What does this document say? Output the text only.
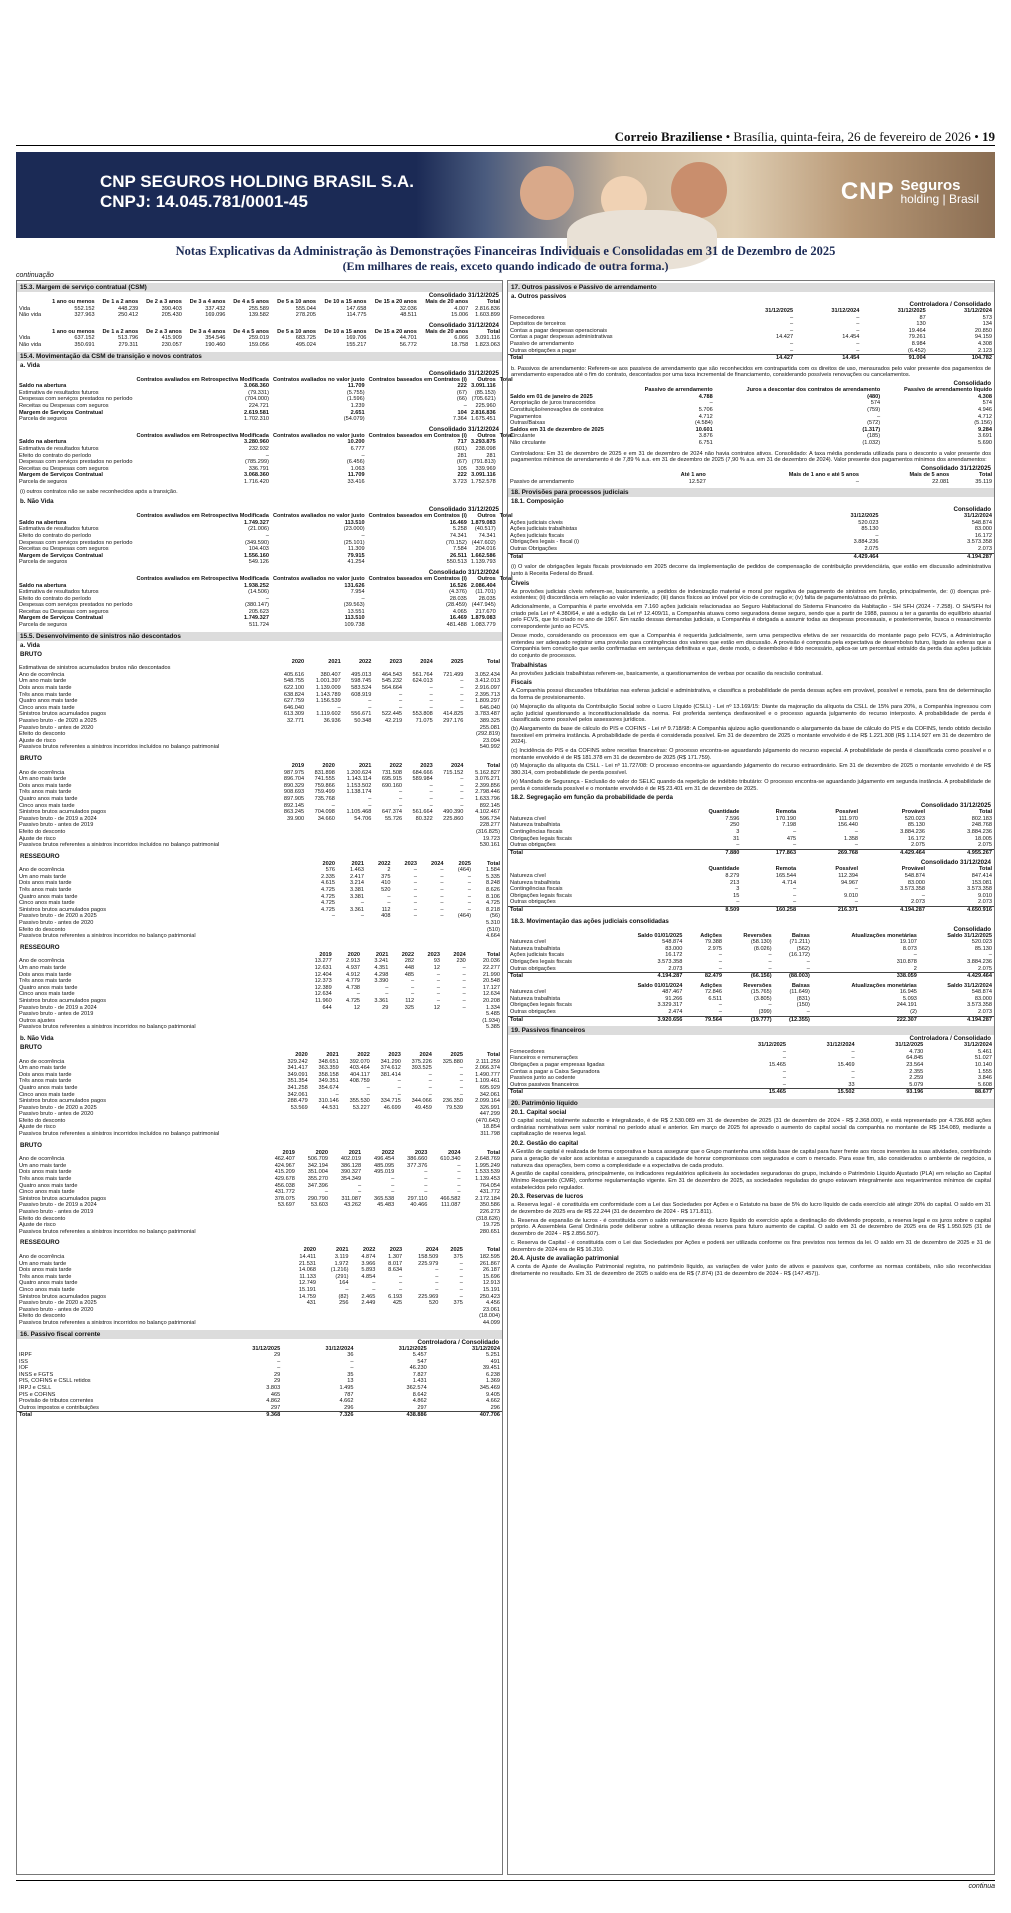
Correio Braziliense • Brasília, quinta-feira, 26 de fevereiro de 2026 • 19
CNP SEGUROS HOLDING BRASIL S.A.
CNPJ: 14.045.781/0001-45	CNP Seguros
holding | Brasil
Notas Explicativas da Administração às Demonstrações Financeiras Individuais e Consolidadas em 31 de Dezembro de 2025
(Em milhares de reais, exceto quando indicado de outra forma.)
continuação
15.3. Margem de serviço contratual (CSM)
Consolidado 31/12/2025
	1 ano ou menos	De 1 a 2 anos	De 2 a 3 anos	De 3 a 4 anos	De 4 a 5 anos	De 5 a 10 anos	De 10 a 15 anos	De 15 a 20 anos	Mais de 20 anos	Total
Vida	552.152	448.239	390.403	337.432	255.589	555.044	147.658	32.036	4.007	2.816.836
Não vida	327.963	250.412	205.430	169.096	139.582	278.205	114.775	48.511	15.006	1.603.899
Consolidado 31/12/2024
	1 ano ou menos	De 1 a 2 anos	De 2 a 3 anos	De 3 a 4 anos	De 4 a 5 anos	De 5 a 10 anos	De 10 a 15 anos	De 15 a 20 anos	Mais de 20 anos	Total
Vida	637.152	513.796	415.909	354.546	259.019	683.725	169.706	44.701	6.066	3.091.116
Não vida	350.691	279.311	230.057	190.460	159.056	495.024	155.217	56.772	18.758	1.823.063
15.4. Movimentação da CSM de transição e novos contratos
a. Vida
Consolidado 31/12/2025
	Contratos avaliados em Retrospectiva Modificada	Contratos avaliados no valor justo	Contratos baseados em Contratos (i)	Outros	Total
Saldo na abertura	3.068.360	11.709	222	3.091.116	
Estimativa de resultados futuros	(79.331)	(5.755)	(67)	(85.153)	
Despesas com serviços prestados no período	(704.000)	(1.596)	(66)	(705.621)	
Receitas ou Despesas com seguros	224.721	1.239	–	225.960	
Margem de Serviços Contratual	2.619.581	2.651	104	2.816.836	
Parcela de seguros	1.702.310	(54.079)	7.364	1.675.451	
Consolidado 31/12/2024
	Contratos avaliados em Retrospectiva Modificada	Contratos avaliados no valor justo	Contratos baseados em Contratos (i)	Outros	Total
Saldo na abertura	3.280.960	10.200	717	3.293.875	
Estimativa de resultados futuros	232.932	6.777	(601)	238.098	
Efeito do contrato do período	–	–	281	281	
Despesas com serviços prestados no período	(785.299)	(6.456)	(67)	(791.813)	
Receitas ou Despesas com seguros	336.791	1.063	105	339.969	
Margem de Serviços Contratual	3.068.360	11.709	222	3.091.116	
Parcela de seguros	1.716.420	33.416	3.723	1.752.578	
(i) outros contratos não se sabe reconhecidos após a transição.
b. Não Vida
Consolidado 31/12/2025
	Contratos avaliados em Retrospectiva Modificada	Contratos avaliados no valor justo	Contratos baseados em Contratos (i)	Outros	Total
Saldo na abertura	1.749.327	113.510	16.469	1.879.083	
Estimativa de resultados futuros	(21.006)	(23.000)	5.258	(40.517)	
Efeito do contrato do período	–	–	74.341	74.341	
Despesas com serviços prestados no período	(349.590)	(25.101)	(70.152)	(447.602)	
Receitas ou Despesas com seguros	104.403	11.309	7.584	204.016	
Margem de Serviços Contratual	1.556.160	79.915	26.511	1.662.586	
Parcela de seguros	549.126	41.254	550.513	1.139.793	
Consolidado 31/12/2024
	Contratos avaliados em Retrospectiva Modificada	Contratos avaliados no valor justo	Contratos baseados em Contratos (i)	Outros	Total
Saldo na abertura	1.938.252	131.626	16.526	2.086.404	
Estimativa de resultados futuros	(14.506)	7.954	(4.376)	(11.701)	
Efeito do contrato do período	–	–	28.035	28.035	
Despesas com serviços prestados no período	(380.147)	(39.563)	(28.459)	(447.945)	
Receitas ou Despesas com seguros	205.623	13.551	4.065	217.670	
Margem de Serviços Contratual	1.749.327	113.510	16.469	1.879.083	
Parcela de seguros	511.724	109.738	481.488	1.083.779	
15.5. Desenvolvimento de sinistros não descontados
a. Vida
BRUTO
	2020	2021	2022	2023	2024	2025	Total
Estimativas de sinistros acumulados brutos não descontados							
Ano de ocorrência	405.616	380.407	495.013	464.543	561.764	721.499	3.052.434
Um ano mais tarde	548.755	1.001.397	598.745	545.232	624.013	–	3.412.013
Dois anos mais tarde	622.100	1.139.009	583.524	564.664	–	–	2.916.097
Três anos mais tarde	638.824	1.143.789	608.919	–	–	–	2.395.713
Quatro anos mais tarde	627.759	1.156.539	–	–	–	–	1.809.297
Cinco anos mais tarde	646.040	–	–	–	–	–	646.040
Sinistros brutos acumulados pagos	613.309	1.119.602	556.671	522.445	553.808	414.825	3.783.487
Passivo bruto - de 2020 a 2025	32.771	36.936	50.348	42.219	71.075	297.176	389.325
Passivo bruto - antes de 2020							255.081
Efeito do desconto							(292.819)
Ajuste de risco							23.094
Passivos brutos referentes a sinistros incorridos incluídos no balanço patrimonial							540.992
BRUTO
	2019	2020	2021	2022	2023	2024	Total
Ano de ocorrência	987.975	831.898	1.200.624	731.508	684.666	715.152	5.162.827
Um ano mais tarde	896.704	741.555	1.143.114	695.915	589.984	–	3.076.271
Dois anos mais tarde	890.329	759.866	1.153.502	690.160	–	–	2.399.856
Três anos mais tarde	908.693	759.499	1.138.174	–	–	–	2.798.446
Quatro anos mais tarde	897.905	735.768	–	–	–	–	1.633.796
Cinco anos mais tarde	892.145	–	–	–	–	–	892.145
Sinistros brutos acumulados pagos	863.245	704.098	1.105.468	647.374	561.664	490.390	4.102.467
Passivo bruto - de 2019 a 2024	39.900	34.660	54.706	55.726	80.322	225.860	596.734
Passivo bruto - antes de 2019							228.277
Efeito do desconto							(316.825)
Ajuste de risco							19.723
Passivos brutos referentes a sinistros incorridos incluídos no balanço patrimonial							530.161
RESSEGURO
	2020	2021	2022	2023	2024	2025	Total
Ano de ocorrência	576	1.463	2	–	–	(464)	1.584
Um ano mais tarde	2.335	2.417	375	–	–	–	5.335
Dois anos mais tarde	4.615	3.214	410	–	–	–	8.248
Três anos mais tarde	4.725	3.381	520	–	–	–	8.626
Quatro anos mais tarde	4.725	3.381	–	–	–	–	8.106
Cinco anos mais tarde	4.725	–	–	–	–	–	4.725
Sinistros brutos acumulados pagos	4.725	3.361	112	–	–	–	8.218
Passivo bruto - de 2020 a 2025	–	–	408	–	–	(464)	(56)
Passivo bruto - antes de 2020							5.310
Efeito do desconto							(510)
Passivos brutos referentes a sinistros incorridos no balanço patrimonial							4.664
RESSEGURO
	2019	2020	2021	2022	2023	2024	Total
Ano de ocorrência	13.277	2.913	3.241	282	93	230	20.036
Um ano mais tarde	12.631	4.937	4.351	448	12	–	22.277
Dois anos mais tarde	12.404	4.912	4.298	485	–	–	21.990
Três anos mais tarde	12.373	4.779	3.390	–	–	–	20.548
Quatro anos mais tarde	12.389	4.738	–	–	–	–	17.127
Cinco anos mais tarde	12.634	–	–	–	–	–	12.634
Sinistros brutos acumulados pagos	11.960	4.725	3.361	112	–	–	20.208
Passivo bruto - de 2019 a 2024	644	12	29	325	12	–	1.334
Passivo bruto - antes de 2019							5.485
Outros ajustes							(1.934)
Passivos brutos referentes a sinistros incorridos no balanço patrimonial							5.385
b. Não Vida
BRUTO
	2020	2021	2022	2023	2024	2025	Total
Ano de ocorrência	329.242	348.651	392.070	341.290	375.226	325.880	2.111.259
Um ano mais tarde	341.417	363.359	403.464	374.612	393.525	–	2.066.374
Dois anos mais tarde	349.091	358.158	404.117	381.414	–	–	1.490.777
Três anos mais tarde	351.354	349.351	408.759	–	–	–	1.109.461
Quatro anos mais tarde	341.258	354.674	–	–	–	–	695.929
Cinco anos mais tarde	342.061	–	–	–	–	–	342.061
Sinistros brutos acumulados pagos	288.479	310.146	355.530	334.715	344.066	236.350	2.099.164
Passivo bruto - de 2020 a 2025	53.569	44.531	53.227	46.699	49.459	79.539	326.991
Passivo bruto - antes de 2020							447.299
Efeito do desconto							(470.643)
Ajuste de risco							18.854
Passivos brutos referentes a sinistros incorridos incluídos no balanço patrimonial							311.798
BRUTO
	2019	2020	2021	2022	2023	2024	Total
Ano de ocorrência	462.407	506.709	402.019	496.454	386.660	610.340	2.648.769
Um ano mais tarde	424.967	342.194	386.128	485.095	377.376	–	1.995.249
Dois anos mais tarde	415.209	351.004	390.327	495.019	–	–	1.533.539
Três anos mais tarde	429.678	355.270	354.349	–	–	–	1.139.453
Quatro anos mais tarde	456.038	347.396	–	–	–	–	764.054
Cinco anos mais tarde	431.772	–	–	–	–	–	431.772
Sinistros brutos acumulados pagos	378.075	290.790	311.087	365.538	297.110	466.582	2.172.184
Passivo bruto - de 2019 a 2024	53.697	53.603	43.262	45.483	40.466	111.087	350.586
Passivo bruto - antes de 2019							226.273
Efeito do desconto							(318.626)
Ajuste de risco							19.725
Passivos brutos referentes a sinistros incorridos no balanço patrimonial							280.651
RESSEGURO
	2020	2021	2022	2023	2024	2025	Total
Ano de ocorrência	14.411	3.119	4.874	1.307	158.509	375	182.595
Um ano mais tarde	21.531	1.972	3.966	8.017	225.979	–	261.867
Dois anos mais tarde	14.068	(1.216)	5.893	8.634	–	–	26.187
Três anos mais tarde	11.133	(291)	4.854	–	–	–	15.696
Quatro anos mais tarde	12.749	164	–	–	–	–	12.913
Cinco anos mais tarde	15.191	–	–	–	–	–	15.191
Sinistros brutos acumulados pagos	14.759	(82)	2.465	6.193	225.969	–	250.423
Passivo bruto - de 2020 a 2025	431	256	2.449	425	520	375	4.456
Passivo bruto - antes de 2020							23.061
Efeito do desconto							(18.004)
Passivos brutos referentes a sinistros incorridos no balanço patrimonial							44.099
16. Passivo fiscal corrente
Controladora / Consolidado
	31/12/2025	31/12/2024	31/12/2025	31/12/2024
IRPF	29	36	5.457	5.251
ISS	–	–	547	491
IOF	–	–	46.230	39.451
INSS e FGTS	29	35	7.827	6.238
PIS, COFINS e CSLL retidos	29	13	1.431	1.369
IRPJ e CSLL	3.803	1.495	362.574	345.469
PIS e COFINS	465	787	8.642	9.405
Provisão de tributos correntes	4.862	4.662	4.862	4.662
Outros impostos e contribuições	297	296	297	296
Total	9.368	7.326	438.886	407.706
17. Outros passivos e Passivo de arrendamento
a. Outros passivos
Controladora / Consolidado
	31/12/2025	31/12/2024	31/12/2025	31/12/2024
Fornecedores	–	–	87	573
Depósitos de terceiros	–	–	130	134
Contas a pagar despesas operacionais	–	–	19.464	20.850
Contas a pagar despesas administrativas	14.427	14.454	79.261	94.159
Passivo de arrendamento	–	–	8.984	4.308
Outras obrigações a pagar	–	–	(6.452)	2.123
Total	14.427	14.454	91.004	104.782
b. Passivos de arrendamento: Referem-se aos passivos de arrendamento que são reconhecidos em contrapartida com os direitos de uso, mensurados pelo valor presente dos pagamentos de arrendamento esperados até o fim do contrato, descontados por uma taxa incremental de financiamento, considerando possíveis renovações ou cancelamentos.
Consolidado
	Passivo de arrendamento	Juros a descontar dos contratos de arrendamento	Passivo de arrendamento líquido
Saldo em 01 de janeiro de 2025	4.788	(480)	4.308
Apropriação de juros transcorridos	–	574	574
Constituição/renovações de contratos	5.706	(759)	4.946
Pagamentos	4.712	–	4.712
Outras/Baixas	(4.584)	(572)	(5.156)
Saldos em 31 de dezembro de 2025	10.601	(1.317)	9.284
Circulante	3.876	(185)	3.691
Não circulante	6.751	(1.032)	5.690
Controladora: Em 31 de dezembro de 2025 e em 31 de dezembro de 2024 não havia contratos ativos. Consolidado: A taxa média ponderada utilizada para o desconto a valor presente dos pagamentos mínimos de arrendamento é de 7,89 % a.a. em 31 de dezembro de 2025 (7,90 % a.a. em 31 de dezembro de 2024). Valor presente dos pagamentos mínimos dos arrendamentos:
Consolidado 31/12/2025
	Até 1 ano	Mais de 1 ano e até 5 anos	Mais de 5 anos	Total
Passivo de arrendamento	12.527	–	22.081	35.119
18. Provisões para processos judiciais
18.1. Composição
Consolidado
	31/12/2025	31/12/2024
Ações judiciais cíveis	520.023	548.874
Ações judiciais trabalhistas	85.130	83.000
Ações judiciais fiscais	–	16.172
Obrigações legais - fiscal (i)	3.884.236	3.573.358
Outras Obrigações	2.075	2.073
Total	4.429.464	4.194.287
(i) O valor de obrigações legais fiscais provisionado em 2025 decorre da implementação de pedidos de compensação de contribuição previdenciária, que estão em discussão administrativa junto à Receita Federal do Brasil.
Cíveis
As provisões judiciais cíveis referem-se, basicamente, a pedidos de indenização material e moral por negativa de pagamento de sinistros em função, principalmente, de: (i) doenças pré-existentes; (ii) discordância em relação ao valor indenizado; (iii) danos físicos ao imóvel por vício de construção e; (iv) falta de pagamento/atraso do prêmio.
Adicionalmente, a Companhia é parte envolvida em 7.160 ações judiciais relacionadas ao Seguro Habitacional do Sistema Financeiro da Habitação - SH SFH (2024 - 7.258). O SH/SFH foi criado pela Lei nº 4.380/64, e até a edição da Lei nº 12.409/11, a Companhia atuava como seguradora desse seguro, sendo que a partir de 1988, passou a ter a garantia do equilíbrio atuarial pelo FCVS, que foi criado no ano de 1967. Em razão dessas demandas judiciais, a Companhia é obrigada a assumir todas as despesas processuais, e posteriormente, busca o ressarcimento correspondente junto ao FCVS.
Desse modo, considerando os processos em que a Companhia é requerida judicialmente, sem uma perspectiva efetiva de ser ressarcida do montante pago pelo FCVS, a Administração entendeu ser adequado registrar uma provisão para contingências dos valores que estão em discussão. A provisão é composta pela expectativa de desembolso futuro, ligado às esferas que a Companhia tem convicção que serão confirmadas em sentenças definitivas e que, deste modo, o desembolso é tido necessário, aplica-se um percentual extraído da perda das ações judiciais do conjunto de processos.
Trabalhistas
As provisões judiciais trabalhistas referem-se, basicamente, a questionamentos de verbas por ocasião da rescisão contratual.
Fiscais
A Companhia possui discussões tributárias nas esferas judicial e administrativa, e classifica a probabilidade de perda dessas ações em provável, possível e remota, para fins de determinação da forma de provisionamento.
(a) Majoração da alíquota da Contribuição Social sobre o Lucro Líquido (CSLL) - Lei nº 13.169/15: Diante da majoração da alíquota da CSLL de 15% para 20%, a Companhia ingressou com ação judicial questionando a inconstitucionalidade da norma. Foi proferida sentença desfavorável e o processo aguarda julgamento do recurso interposto. A probabilidade de perda é classificada como possível pelos assessores jurídicos.
(b) Alargamento da base de cálculo do PIS e COFINS - Lei nº 9.718/98: A Companhia ajuizou ação questionando o alargamento da base de cálculo do PIS e da COFINS, tendo obtido decisão favorável em primeira instância. A probabilidade de perda é considerada possível. Em 31 de dezembro de 2025 o montante envolvido é de R$ 1.221.308 (R$ 1.114.927 em 31 de dezembro de 2024).
(c) Incidência do PIS e da COFINS sobre receitas financeiras: O processo encontra-se aguardando julgamento do recurso especial. A probabilidade de perda é classificada como possível e o montante envolvido é de R$ 181.378 em 31 de dezembro de 2025 (R$ 171.759).
(d) Majoração da alíquota da CSLL - Lei nº 11.727/08: O processo encontra-se aguardando julgamento do recurso extraordinário. Em 31 de dezembro de 2025 o montante envolvido é de R$ 380.314, com probabilidade de perda possível.
(e) Mandado de Segurança - Exclusão do valor do SELIC quando da repetição de indébito tributário: O processo encontra-se aguardando julgamento em segunda instância. A probabilidade de perda é considerada possível e o montante envolvido é de R$ 23.401 em 31 de dezembro de 2025.
18.2. Segregação em função da probabilidade de perda
Consolidado 31/12/2025
	Quantidade	Remota	Possível	Provável	Total
Natureza cível	7.596	170.190	111.970	520.023	802.183
Natureza trabalhista	250	7.198	156.440	85.130	248.768
Contingências fiscais	3	–	–	3.884.236	3.884.236
Obrigações legais fiscais	31	475	1.358	16.172	18.005
Outras obrigações	–	–	–	2.075	2.075
Total	7.880	177.863	269.768	4.429.464	4.955.267
Consolidado 31/12/2024
	Quantidade	Remota	Possível	Provável	Total
Natureza cível	8.279	165.544	112.394	548.874	847.414
Natureza trabalhista	213	4.714	94.967	83.000	153.081
Contingências fiscais	3	–	–	3.573.358	3.573.358
Obrigações legais fiscais	15	–	9.010	–	9.010
Outras obrigações	–	–	–	2.073	2.073
Total	8.509	160.258	216.371	4.194.287	4.650.916
18.3. Movimentação das ações judiciais consolidadas
Consolidado
	Saldo 01/01/2025	Adições	Reversões	Baixas	Atualizações monetárias	Saldo 31/12/2025
Natureza cível	548.874	79.388	(58.130)	(71.211)	19.107	520.023
Natureza trabalhista	83.000	2.975	(8.026)	(562)	8.073	85.130
Ações judiciais fiscais	16.172	–	–	(16.172)	–	–
Obrigações legais fiscais	3.573.358	–	–	–	310.878	3.884.236
Outras obrigações	2.073	–	–	–	2	2.075
Total	4.194.287	82.479	(66.156)	(88.003)	338.059	4.429.464
	Saldo 01/01/2024	Adições	Reversões	Baixas	Atualizações monetárias	Saldo 31/12/2024
Natureza cível	487.467	72.846	(15.765)	(11.649)	16.945	548.874
Natureza trabalhista	91.266	6.511	(3.805)	(831)	5.093	83.000
Obrigações legais fiscais	3.329.317	–	–	(150)	244.191	3.573.358
Outras obrigações	2.474	–	(399)	–	(2)	2.073
Total	3.920.656	79.564	(19.777)	(12.355)	222.307	4.194.287
19. Passivos financeiros
Controladora / Consolidado
	31/12/2025	31/12/2024	31/12/2025	31/12/2024
Fornecedores	–	–	4.730	5.461
Fianceiros e remunerações	–	–	64.845	51.027
Obrigações a pagar empresas ligadas	15.465	15.469	23.564	10.140
Contas a pagar a Caixa Seguradora	–	–	2.355	1.555
Passivos junto ao cedente	–	–	2.259	3.846
Outros passivos financeiros	–	33	5.079	5.608
Total	15.465	15.502	93.196	88.677
20. Patrimônio líquido
20.1. Capital social
O capital social, totalmente subscrito e integralizado, é de R$ 2.530.089 em 31 de dezembro de 2025 (31 de dezembro de 2024 - R$ 2.368.000), e está representado por 4.736.868 ações ordinárias nominativas sem valor nominal no período atual e anterior. Em março de 2025 foi aprovado o aumento do capital social da companhia no montante de R$ 154.089, mediante a capitalização de reserva legal.
20.2. Gestão do capital
A Gestão de capital é realizada de forma corporativa e busca assegurar que o Grupo mantenha uma sólida base de capital para fazer frente aos riscos inerentes às suas atividades, contribuindo para a geração de valor aos acionistas e assegurando a capacidade de honrar compromissos com segurados e com o mercado. Para esse fim, são considerados o ambiente de negócios, a natureza das operações, bem como a complexidade e a expectativa de cada produto.
A gestão de capital considera, principalmente, os indicadores regulatórios aplicáveis às sociedades seguradoras do grupo, incluindo o Patrimônio Líquido Ajustado (PLA) em relação ao Capital Mínimo Requerido (CMR), conforme regulamentação vigente. Em 31 de dezembro de 2025, as sociedades reguladas do grupo estavam integralmente aos requerimentos mínimos de capital estabelecidos pelo regulador.
20.3. Reservas de lucros
a. Reserva legal - é constituída em conformidade com a Lei das Sociedades por Ações e o Estatuto na base de 5% do lucro líquido de cada exercício até atingir 20% do capital. O saldo em 31 de dezembro de 2025 era de R$ 22.244 (31 de dezembro de 2024 - R$ 171.811).
b. Reserva de expansão de lucros - é constituída com o saldo remanescente do lucro líquido do exercício após a destinação do dividendo proposto, a reserva legal e os juros sobre o capital próprio. A Assembleia Geral Ordinária pode deliberar sobre a utilização dessa reserva para futuro aumento de capital. O saldo em 31 de dezembro de 2025 era de R$ 1.950.925 (31 de dezembro de 2024 - R$ 2.856.507).
c. Reserva de Capital - é constituída com o Lei das Sociedades por Ações e poderá ser utilizada conforme os fins previstos nos termos da lei. O saldo em 31 de dezembro de 2025 e 31 de dezembro de 2024 era de R$ 16.310.
20.4. Ajuste de avaliação patrimonial
A conta de Ajuste de Avaliação Patrimonial registra, no patrimônio líquido, as variações de valor justo de ativos e passivos que, conforme as normas contábeis, não são reconhecidas diretamente no resultado. Em 31 de dezembro de 2025 o saldo era de R$ (7.874) (31 de dezembro de 2024 - R$ (147.457)).
continua
